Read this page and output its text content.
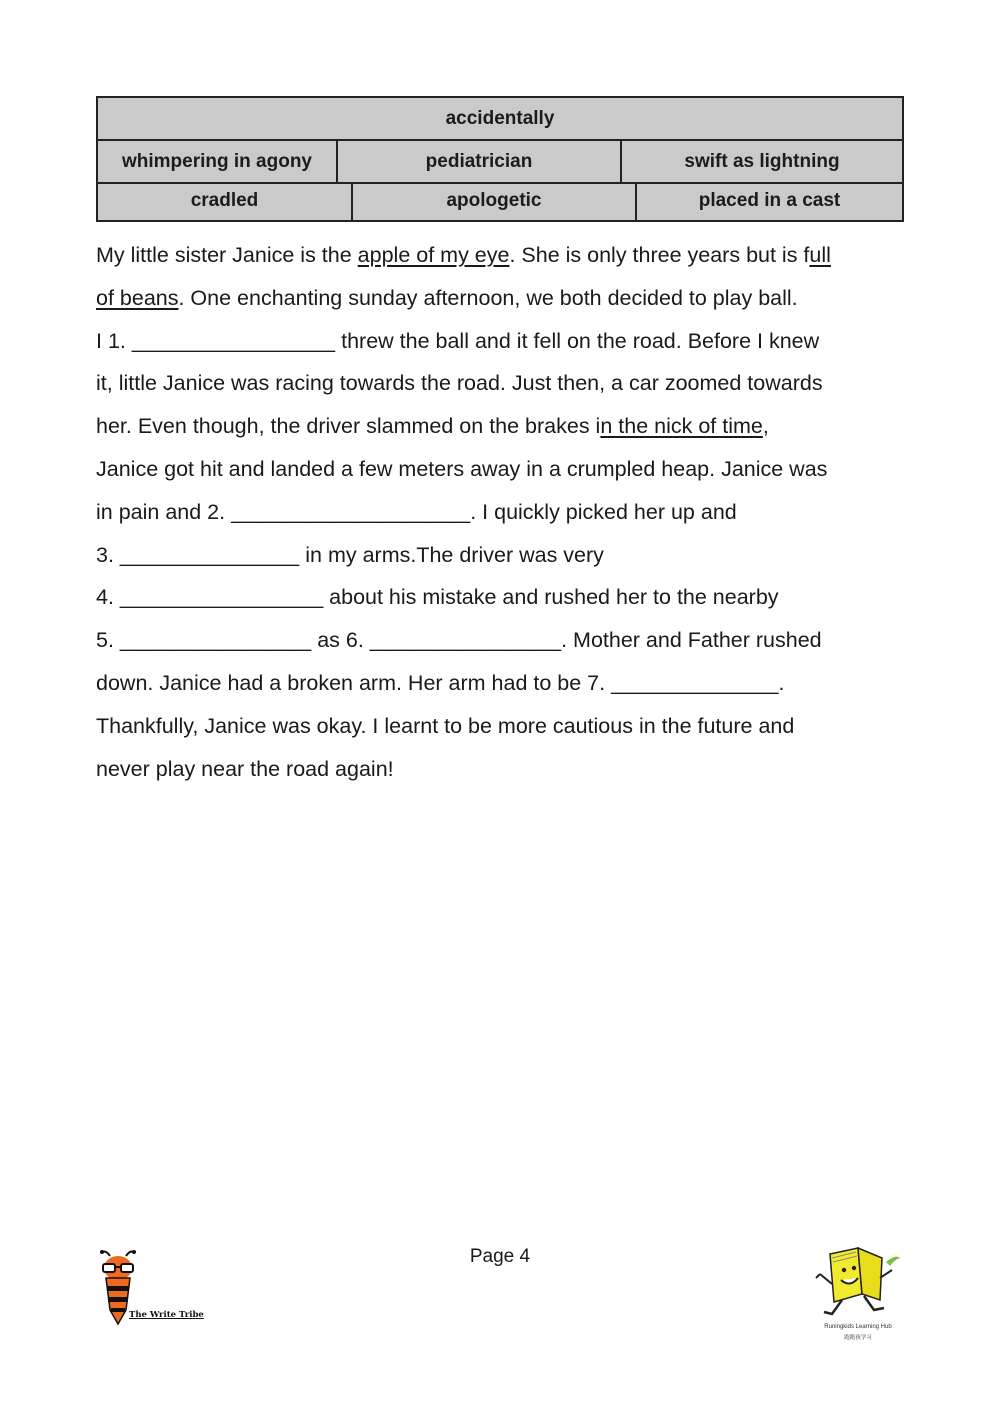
accidentally
whimpering in agony	pediatrician	swift as lightning
cradled	apologetic	placed in a cast
My little sister Janice is the apple of my eye. She is only three years but is full
of beans. One enchanting sunday afternoon, we both decided to play ball.
I 1. _________________ threw the ball and it fell on the road. Before I knew
it, little Janice was racing towards the road. Just then, a car zoomed towards
her. Even though, the driver slammed on the brakes in the nick of time,
Janice got hit and landed a few meters away in a crumpled heap. Janice was
in pain and 2. ____________________. I quickly picked her up and
3. _______________ in my arms.The driver was very
4. _________________ about his mistake and rushed her to the nearby
5. ________________ as 6. ________________. Mother and Father rushed
down. Janice had a broken arm. Her arm had to be 7. ______________.
Thankfully, Janice was okay. I learnt to be more cautious in the future and
never play near the road again!
Page 4
The Write Tribe
Runingkids Learning Hub
跑跑孩学习
